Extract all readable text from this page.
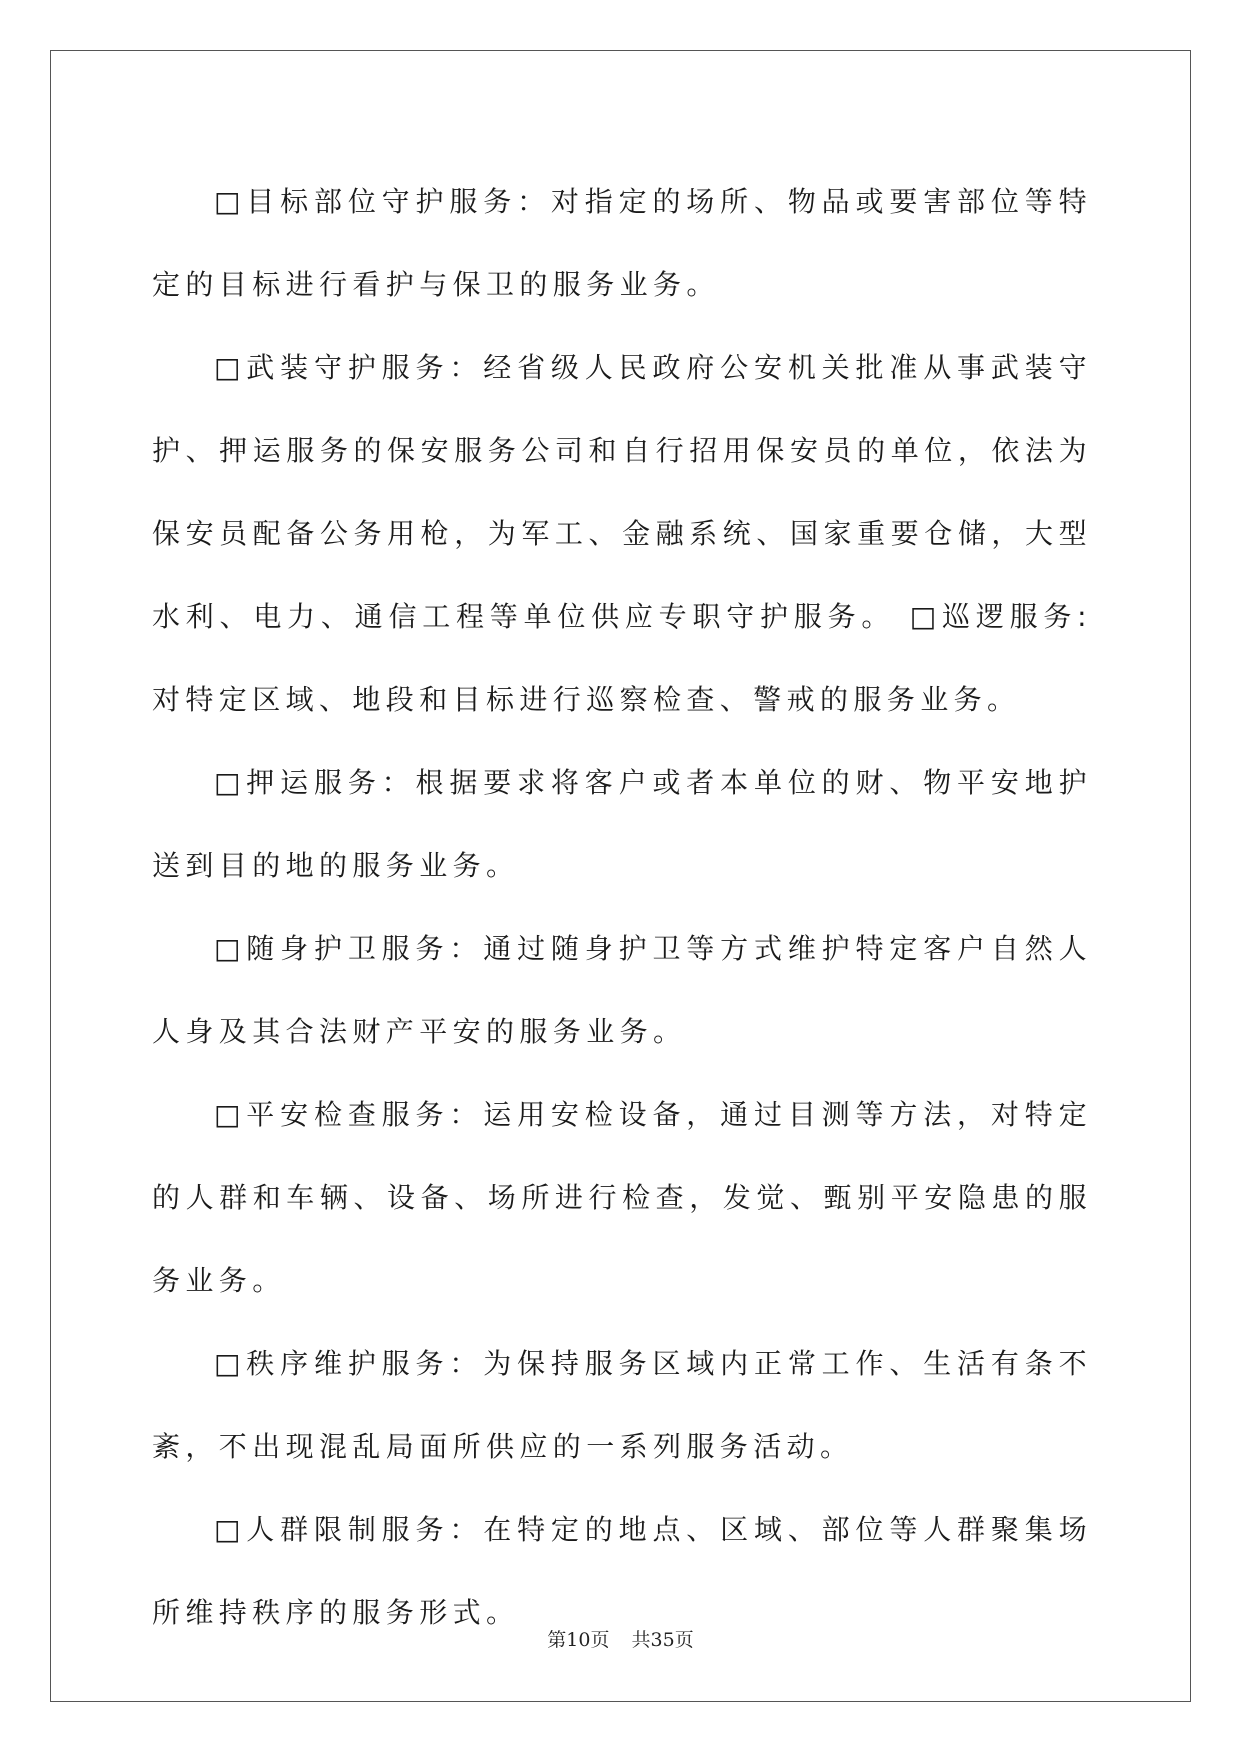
□目标部位守护服务：对指定的场所、物品或要害部位等特定的目标进行看护与保卫的服务业务。

□武装守护服务：经省级人民政府公安机关批准从事武装守护、押运服务的保安服务公司和自行招用保安员的单位，依法为保安员配备公务用枪，为军工、金融系统、国家重要仓储，大型水利、电力、通信工程等单位供应专职守护服务。 □巡逻服务:对特定区域、地段和目标进行巡察检查、警戒的服务业务。

□押运服务：根据要求将客户或者本单位的财、物平安地护送到目的地的服务业务。

□随身护卫服务：通过随身护卫等方式维护特定客户自然人人身及其合法财产平安的服务业务。

□平安检查服务：运用安检设备，通过目测等方法，对特定的人群和车辆、设备、场所进行检查，发觉、甄别平安隐患的服务业务。

□秩序维护服务：为保持服务区域内正常工作、生活有条不紊，不出现混乱局面所供应的一系列服务活动。

□人群限制服务：在特定的地点、区域、部位等人群聚集场所维持秩序的服务形式。

第10页 共35页
